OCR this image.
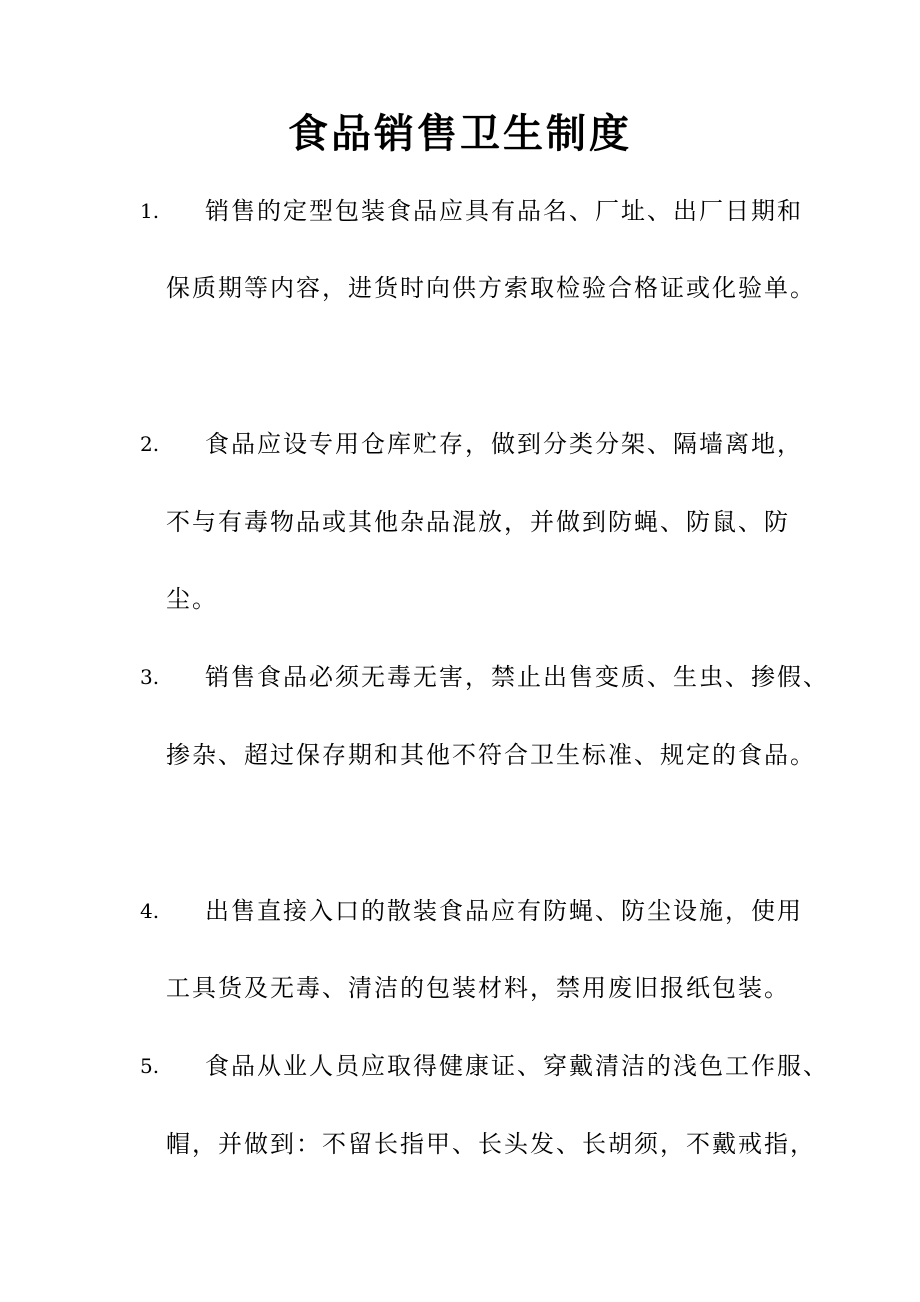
食品销售卫生制度
1. 销售的定型包装食品应具有品名、厂址、出厂日期和
保质期等内容，进货时向供方索取检验合格证或化验单。
2. 食品应设专用仓库贮存，做到分类分架、隔墙离地，
不与有毒物品或其他杂品混放，并做到防蝇、防鼠、防
尘。
3. 销售食品必须无毒无害，禁止出售变质、生虫、掺假、
掺杂、超过保存期和其他不符合卫生标准、规定的食品。
4. 出售直接入口的散装食品应有防蝇、防尘设施，使用
工具货及无毒、清洁的包装材料，禁用废旧报纸包装。
5. 食品从业人员应取得健康证、穿戴清洁的浅色工作服、
帽，并做到：不留长指甲、长头发、长胡须，不戴戒指，
